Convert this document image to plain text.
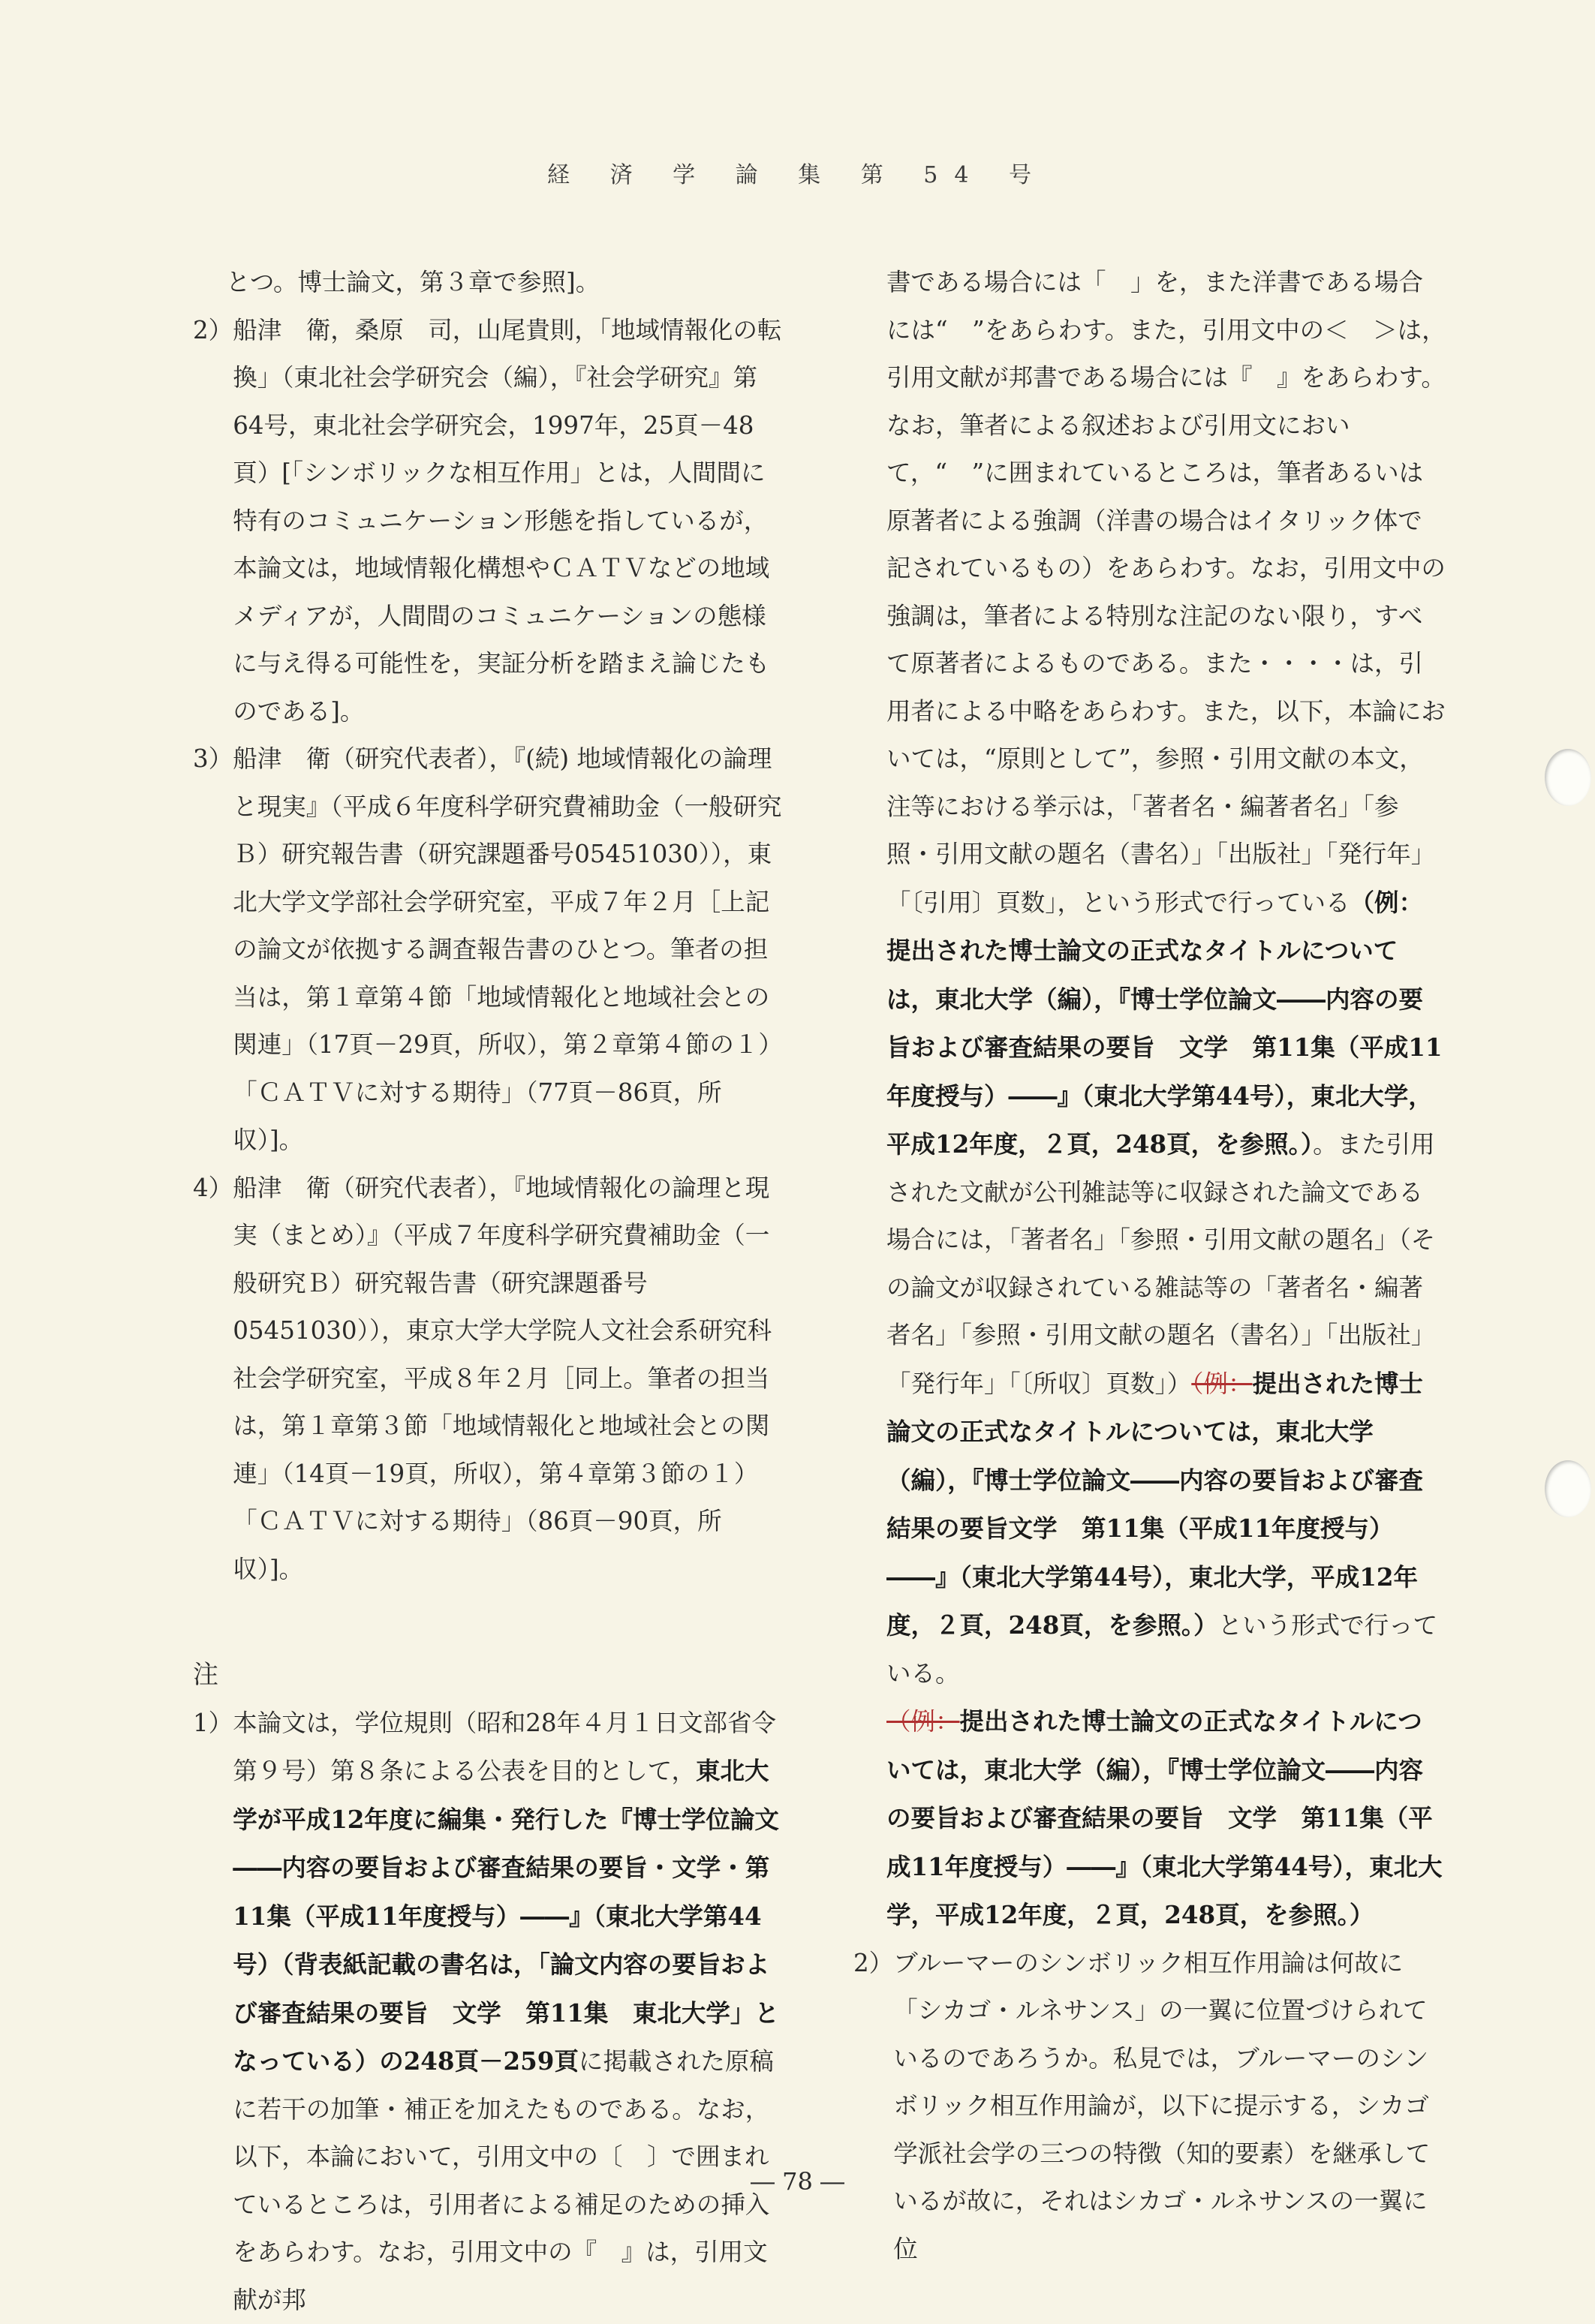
経 済 学 論 集 第 54 号

とつ。博士論文，第３章で参照]。

2） 船津　衛，桑原　司，山尾貴則，「地域情報化の転換」（東北社会学研究会（編），『社会学研究』第64号，東北社会学研究会，1997年，25頁－48頁）[「シンボリックな相互作用」とは，人間間に特有のコミュニケーション形態を指しているが，本論文は，地域情報化構想やＣＡＴＶなどの地域メディアが，人間間のコミュニケーションの態様に与え得る可能性を，実証分析を踏まえ論じたものである]。
3） 船津　衛（研究代表者），『(続) 地域情報化の論理と現実』（平成６年度科学研究費補助金（一般研究Ｂ）研究報告書（研究課題番号05451030）），東北大学文学部社会学研究室，平成７年２月［上記の論文が依拠する調査報告書のひとつ。筆者の担当は，第１章第４節「地域情報化と地域社会との関連」（17頁－29頁，所収），第２章第４節の１）「ＣＡＴＶに対する期待」（77頁－86頁，所収）]。
4） 船津　衛（研究代表者），『地域情報化の論理と現実（まとめ）』（平成７年度科学研究費補助金（一般研究Ｂ）研究報告書（研究課題番号05451030）），東京大学大学院人文社会系研究科社会学研究室，平成８年２月［同上。筆者の担当は，第１章第３節「地域情報化と地域社会との関連」（14頁－19頁，所収），第４章第３節の１）「ＣＡＴＶに対する期待」（86頁－90頁，所収）]。

注

1） 本論文は，学位規則（昭和28年４月１日文部省令第９号）第８条による公表を目的として，東北大学が平成12年度に編集・発行した『博士学位論文――内容の要旨および審査結果の要旨・文学・第11集（平成11年度授与）――』（東北大学第44号）（背表紙記載の書名は，「論文内容の要旨および審査結果の要旨　文学　第11集　東北大学」となっている）の248頁－259頁に掲載された原稿に若干の加筆・補正を加えたものである。なお，以下，本論において，引用文中の〔　〕で囲まれているところは，引用者による補足のための挿入をあらわす。なお，引用文中の『　』は，引用文献が邦

書である場合には「　」を，また洋書である場合には“　”をあらわす。また，引用文中の＜　＞は，引用文献が邦書である場合には『　』をあらわす。なお，筆者による叙述および引用文において，“　”に囲まれているところは，筆者あるいは原著者による強調（洋書の場合はイタリック体で記されているもの）をあらわす。なお，引用文中の強調は，筆者による特別な注記のない限り，すべて原著者によるものである。また・・・・は，引用者による中略をあらわす。また，以下，本論においては，“原則として”，参照・引用文献の本文，注等における挙示は，「著者名・編著者名」「参照・引用文献の題名（書名）」「出版社」「発行年」「〔引用〕頁数」，という形式で行っている（例：提出された博士論文の正式なタイトルについては，東北大学（編），『博士学位論文――内容の要旨および審査結果の要旨　文学　第11集（平成11年度授与）――』（東北大学第44号），東北大学，平成12年度，２頁，248頁，を参照。）。また引用された文献が公刊雑誌等に収録された論文である場合には，「著者名」「参照・引用文献の題名」（その論文が収録されている雑誌等の「著者名・編著者名」「参照・引用文献の題名（書名）」「出版社」「発行年」「〔所収〕頁数」）（例：提出された博士論文の正式なタイトルについては，東北大学（編），『博士学位論文――内容の要旨および審査結果の要旨文学　第11集（平成11年度授与）――』（東北大学第44号），東北大学，平成12年度，２頁，248頁，を参照。）という形式で行っている。

（例：提出された博士論文の正式なタイトルについては，東北大学（編），『博士学位論文――内容の要旨および審査結果の要旨　文学　第11集（平成11年度授与）――』（東北大学第44号），東北大学，平成12年度，２頁，248頁，を参照。）

2） ブルーマーのシンボリック相互作用論は何故に「シカゴ・ルネサンス」の一翼に位置づけられているのであろうか。私見では，ブルーマーのシンボリック相互作用論が，以下に提示する，シカゴ学派社会学の三つの特徴（知的要素）を継承しているが故に，それはシカゴ・ルネサンスの一翼に位
― 78 ―
